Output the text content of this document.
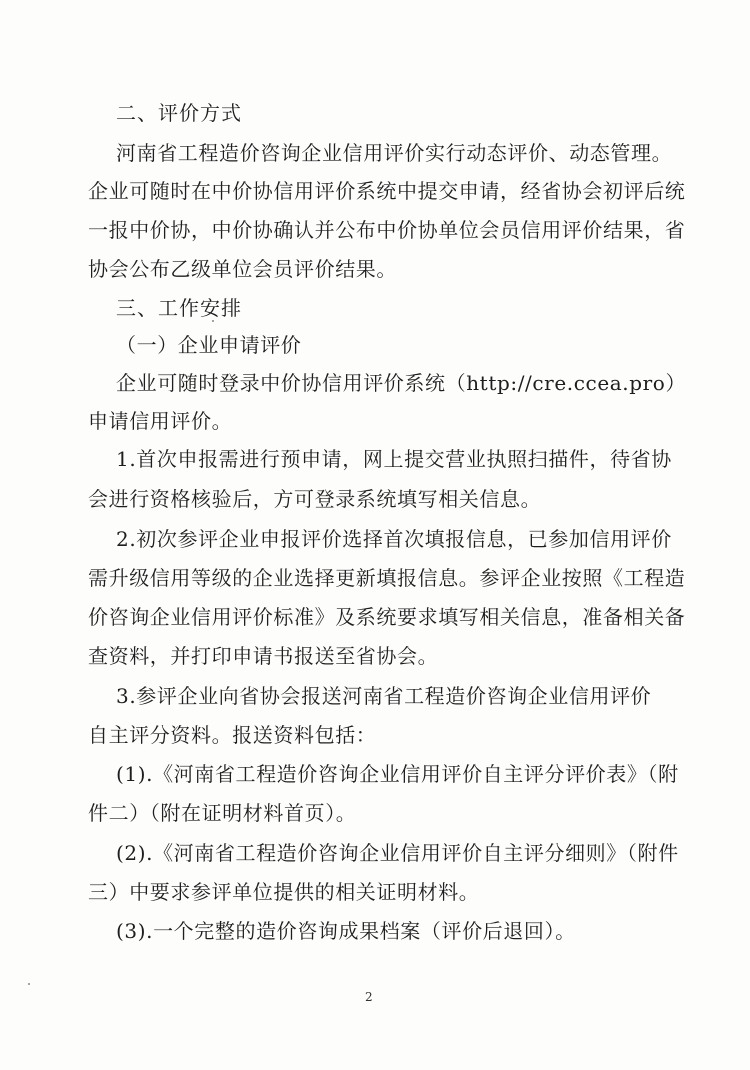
二、评价方式
河南省工程造价咨询企业信用评价实行动态评价、动态管理。
企业可随时在中价协信用评价系统中提交申请，经省协会初评后统
一报中价协，中价协确认并公布中价协单位会员信用评价结果，省
协会公布乙级单位会员评价结果。
三、工作安排
（一）企业申请评价
企业可随时登录中价协信用评价系统（http://cre.ccea.pro）
申请信用评价。
1.首次申报需进行预申请，网上提交营业执照扫描件，待省协
会进行资格核验后，方可登录系统填写相关信息。
2.初次参评企业申报评价选择首次填报信息，已参加信用评价
需升级信用等级的企业选择更新填报信息。参评企业按照《工程造
价咨询企业信用评价标准》及系统要求填写相关信息，准备相关备
查资料，并打印申请书报送至省协会。
3.参评企业向省协会报送河南省工程造价咨询企业信用评价
自主评分资料。报送资料包括：
(1).《河南省工程造价咨询企业信用评价自主评分评价表》（附
件二）（附在证明材料首页）。
(2).《河南省工程造价咨询企业信用评价自主评分细则》（附件
三）中要求参评单位提供的相关证明材料。
(3).一个完整的造价咨询成果档案（评价后退回）。
2
